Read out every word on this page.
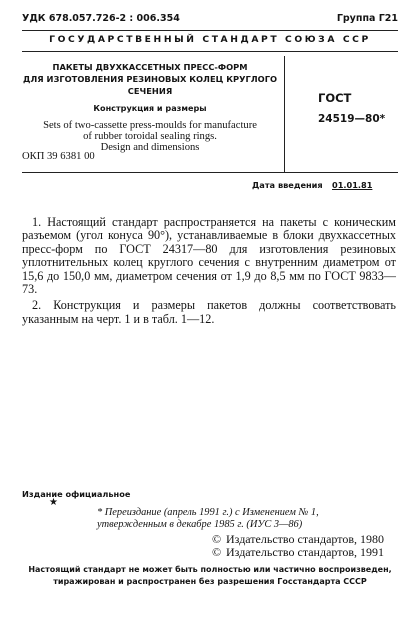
УДК 678.057.726-2 : 006.354	Группа Г21
ГОСУДАРСТВЕННЫЙ СТАНДАРТ СОЮЗА ССР
ПАКЕТЫ ДВУХКАССЕТНЫХ ПРЕСС-ФОРМ
ДЛЯ ИЗГОТОВЛЕНИЯ РЕЗИНОВЫХ КОЛЕЦ КРУГЛОГО
СЕЧЕНИЯ
Конструкция и размеры
Sets of two-cassette press-moulds for manufacture
of rubber toroidal sealing rings.
Design and dimensions
ОКП 39 6381 00
ГОСТ
24519—80*
Дата введения 01.01.81

1. Настоящий стандарт распространяется на пакеты с коническим разъемом (угол конуса 90°), устанавливаемые в блоки двухкассетных пресс-форм по ГОСТ 24317—80 для изготовления резиновых уплотнительных колец круглого сечения с внутренним диаметром от 15,6 до 150,0 мм, диаметром сечения от 1,9 до 8,5 мм по ГОСТ 9833—73.

2. Конструкция и размеры пакетов должны соответствовать указанным на черт. 1 и в табл. 1—12.

Издание официальное
★
* Переиздание (апрель 1991 г.) с Изменением № 1,
утвержденным в декабре 1985 г. (ИУС 3—86)
© Издательство стандартов, 1980
© Издательство стандартов, 1991
Настоящий стандарт не может быть полностью или частично воспроизведен,
тиражирован и распространен без разрешения Госстандарта СССР
